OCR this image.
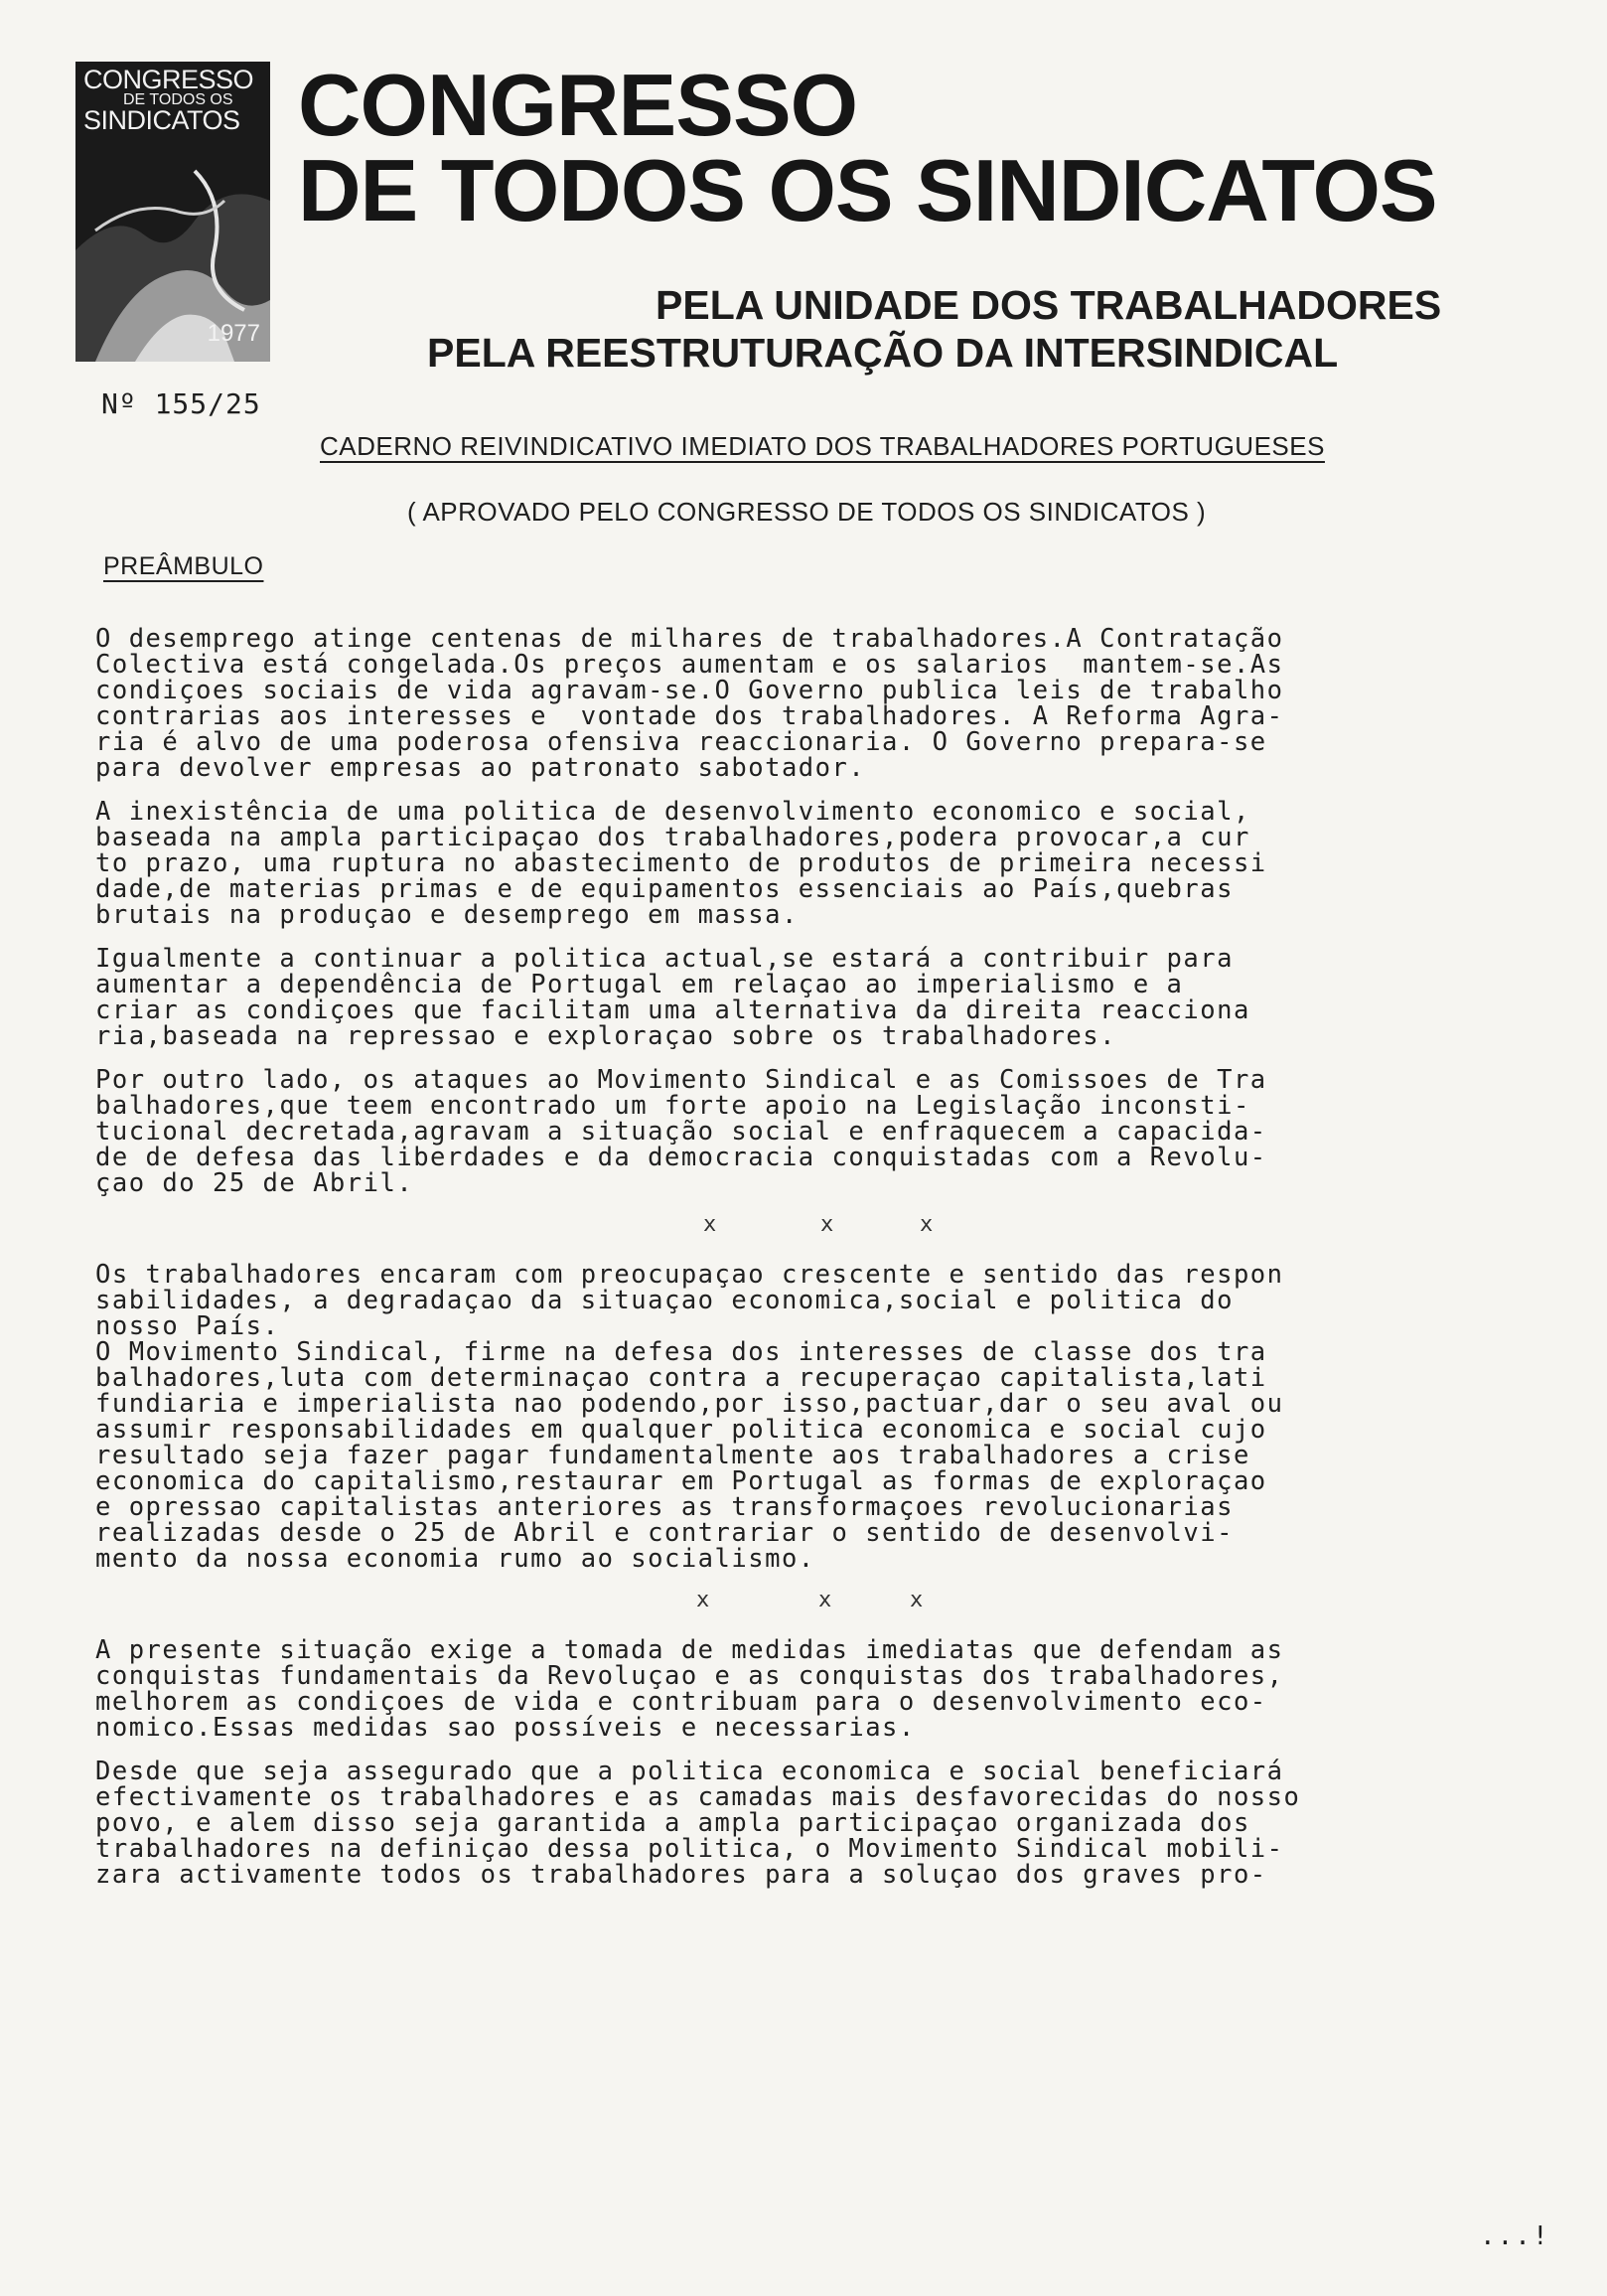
CONGRESSO
DE TODOS OS
SINDICATOS
1977
CONGRESSO
DE TODOS OS SINDICATOS
PELA UNIDADE DOS TRABALHADORES
PELA REESTRUTURAÇÃO DA INTERSINDICAL
Nº 155/25
CADERNO REIVINDICATIVO IMEDIATO DOS TRABALHADORES PORTUGUESES
( APROVADO PELO CONGRESSO DE TODOS OS SINDICATOS )
PREÂMBULO

O desemprego atinge centenas de milhares de trabalhadores.A Contratação
Colectiva está congelada.Os preços aumentam e os salarios  mantem-se.As
condiçoes sociais de vida agravam-se.O Governo publica leis de trabalho
contrarias aos interesses e  vontade dos trabalhadores. A Reforma Agra-
ria é alvo de uma poderosa ofensiva reaccionaria. O Governo prepara-se
para devolver empresas ao patronato sabotador.

A inexistência de uma politica de desenvolvimento economico e social,
baseada na ampla participaçao dos trabalhadores,podera provocar,a cur
to prazo, uma ruptura no abastecimento de produtos de primeira necessi
dade,de materias primas e de equipamentos essenciais ao País,quebras
brutais na produçao e desemprego em massa.

Igualmente a continuar a politica actual,se estará a contribuir para
aumentar a dependência de Portugal em relaçao ao imperialismo e a
criar as condiçoes que facilitam uma alternativa da direita reacciona
ria,baseada na repressao e exploraçao sobre os trabalhadores.

Por outro lado, os ataques ao Movimento Sindical e as Comissoes de Tra
balhadores,que teem encontrado um forte apoio na Legislação inconsti-
tucional decretada,agravam a situação social e enfraquecem a capacida-
de de defesa das liberdades e da democracia conquistadas com a Revolu-
çao do 25 de Abril.

x	x	x

Os trabalhadores encaram com preocupaçao crescente e sentido das respon
sabilidades, a degradaçao da situaçao economica,social e politica do
nosso País.
O Movimento Sindical, firme na defesa dos interesses de classe dos tra
balhadores,luta com determinaçao contra a recuperaçao capitalista,lati
fundiaria e imperialista nao podendo,por isso,pactuar,dar o seu aval ou
assumir responsabilidades em qualquer politica economica e social cujo
resultado seja fazer pagar fundamentalmente aos trabalhadores a crise
economica do capitalismo,restaurar em Portugal as formas de exploraçao
e opressao capitalistas anteriores as transformaçoes revolucionarias
realizadas desde o 25 de Abril e contrariar o sentido de desenvolvi-
mento da nossa economia rumo ao socialismo.

x	x	x

A presente situação exige a tomada de medidas imediatas que defendam as
conquistas fundamentais da Revoluçao e as conquistas dos trabalhadores,
melhorem as condiçoes de vida e contribuam para o desenvolvimento eco-
nomico.Essas medidas sao possíveis e necessarias.

Desde que seja assegurado que a politica economica e social beneficiará
efectivamente os trabalhadores e as camadas mais desfavorecidas do nosso
povo, e alem disso seja garantida a ampla participaçao organizada dos
trabalhadores na definiçao dessa politica, o Movimento Sindical mobili-
zara activamente todos os trabalhadores para a soluçao dos graves pro-

...!
